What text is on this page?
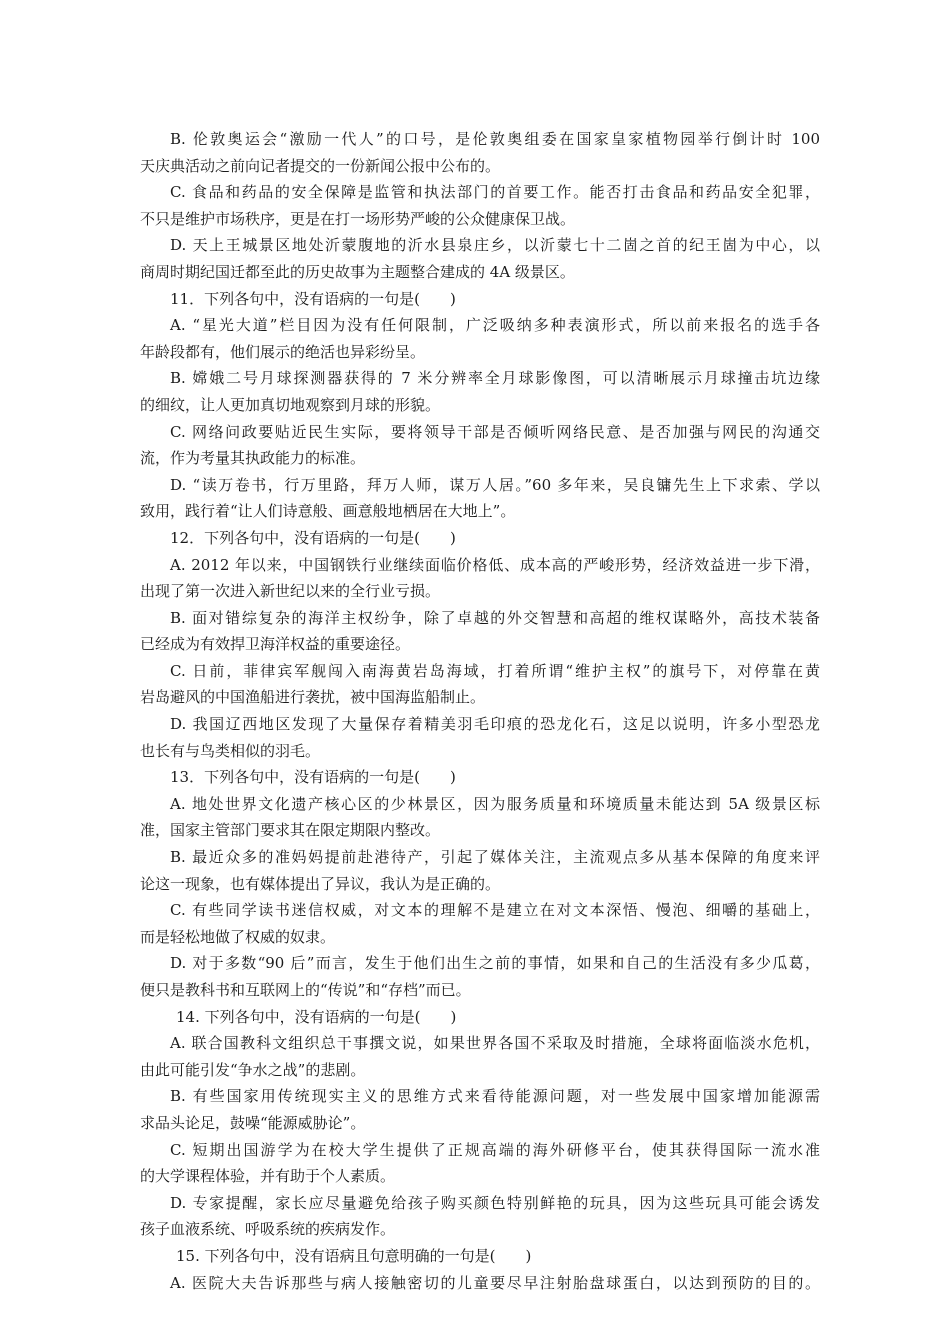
B. 伦敦奥运会“激励一代人”的口号，是伦敦奥组委在国家皇家植物园举行倒计时 100
天庆典活动之前向记者提交的一份新闻公报中公布的。
C. 食品和药品的安全保障是监管和执法部门的首要工作。能否打击食品和药品安全犯罪，
不只是维护市场秩序，更是在打一场形势严峻的公众健康保卫战。
D. 天上王城景区地处沂蒙腹地的沂水县泉庄乡，以沂蒙七十二崮之首的纪王崮为中心，以
商周时期纪国迁都至此的历史故事为主题整合建成的 4A 级景区。
11．下列各句中，没有语病的一句是(　　)
A. “星光大道”栏目因为没有任何限制，广泛吸纳多种表演形式，所以前来报名的选手各
年龄段都有，他们展示的绝活也异彩纷呈。
B. 嫦娥二号月球探测器获得的 7 米分辨率全月球影像图，可以清晰展示月球撞击坑边缘
的细纹，让人更加真切地观察到月球的形貌。
C. 网络问政要贴近民生实际，要将领导干部是否倾听网络民意、是否加强与网民的沟通交
流，作为考量其执政能力的标准。
D. “读万卷书，行万里路，拜万人师，谋万人居。”60 多年来，吴良镛先生上下求索、学以
致用，践行着“让人们诗意般、画意般地栖居在大地上”。
12．下列各句中，没有语病的一句是(　　)
A. 2012 年以来，中国钢铁行业继续面临价格低、成本高的严峻形势，经济效益进一步下滑，
出现了第一次进入新世纪以来的全行业亏损。
B. 面对错综复杂的海洋主权纷争，除了卓越的外交智慧和高超的维权谋略外，高技术装备
已经成为有效捍卫海洋权益的重要途径。
C. 日前，菲律宾军舰闯入南海黄岩岛海域，打着所谓“维护主权”的旗号下，对停靠在黄
岩岛避风的中国渔船进行袭扰，被中国海监船制止。
D. 我国辽西地区发现了大量保存着精美羽毛印痕的恐龙化石，这足以说明，许多小型恐龙
也长有与鸟类相似的羽毛。
13．下列各句中，没有语病的一句是(　　)
A. 地处世界文化遗产核心区的少林景区，因为服务质量和环境质量未能达到 5A 级景区标
准，国家主管部门要求其在限定期限内整改。
B. 最近众多的准妈妈提前赴港待产，引起了媒体关注，主流观点多从基本保障的角度来评
论这一现象，也有媒体提出了异议，我认为是正确的。
C. 有些同学读书迷信权威，对文本的理解不是建立在对文本深悟、慢泡、细嚼的基础上，
而是轻松地做了权威的奴隶。
D. 对于多数“90 后”而言，发生于他们出生之前的事情，如果和自己的生活没有多少瓜葛，
便只是教科书和互联网上的“传说”和“存档”而已。
14. 下列各句中，没有语病的一句是(　　)
A. 联合国教科文组织总干事撰文说，如果世界各国不采取及时措施，全球将面临淡水危机，
由此可能引发“争水之战”的悲剧。
B. 有些国家用传统现实主义的思维方式来看待能源问题，对一些发展中国家增加能源需
求品头论足，鼓噪“能源威胁论”。
C. 短期出国游学为在校大学生提供了正规高端的海外研修平台，使其获得国际一流水准
的大学课程体验，并有助于个人素质。
D. 专家提醒，家长应尽量避免给孩子购买颜色特别鲜艳的玩具，因为这些玩具可能会诱发
孩子血液系统、呼吸系统的疾病发作。
15. 下列各句中，没有语病且句意明确的一句是(　　)
A. 医院大夫告诉那些与病人接触密切的儿童要尽早注射胎盘球蛋白，以达到预防的目的。
